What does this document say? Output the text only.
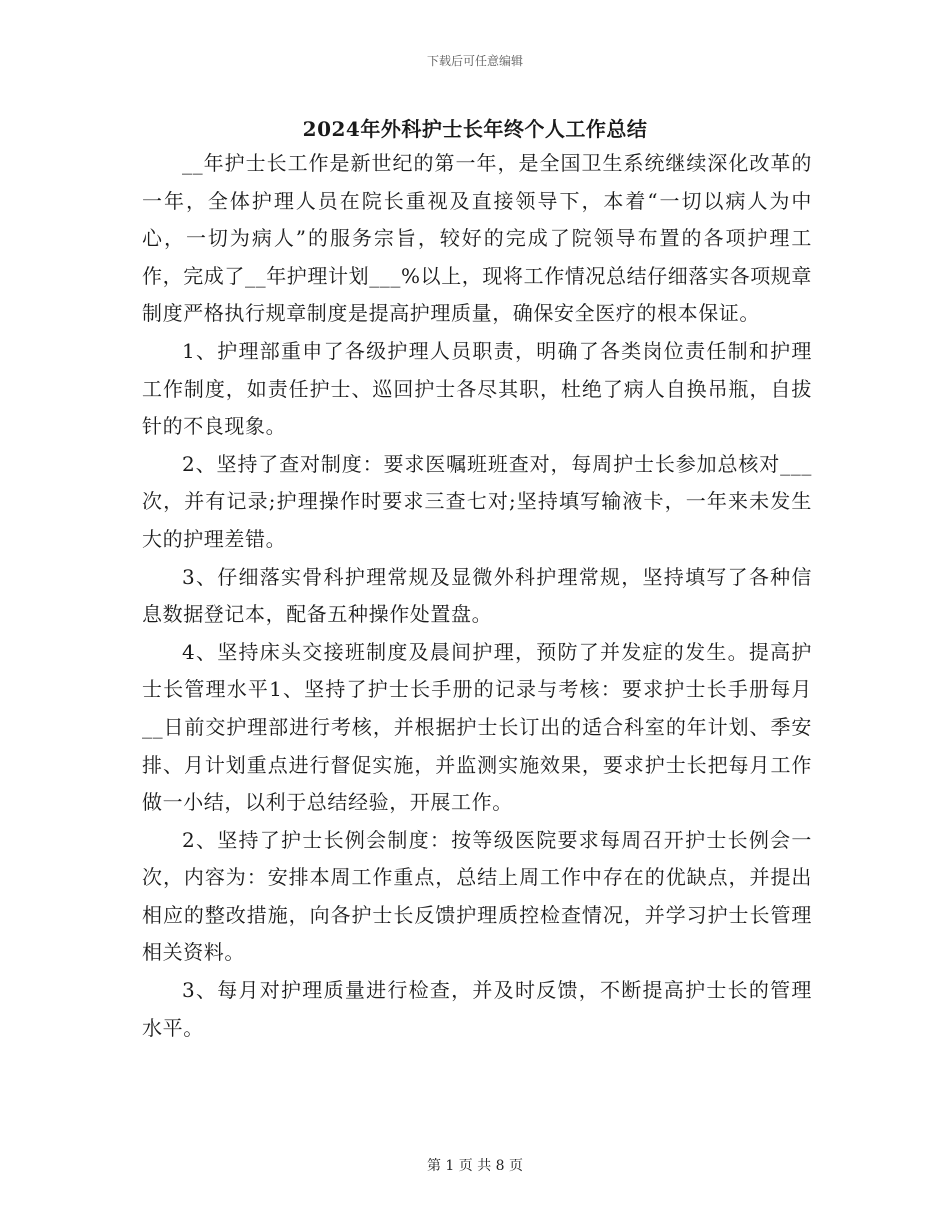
下载后可任意编辑
2024年外科护士长年终个人工作总结

__年护士长工作是新世纪的第一年，是全国卫生系统继续深化改革的一年，全体护理人员在院长重视及直接领导下，本着“一切以病人为中心，一切为病人”的服务宗旨，较好的完成了院领导布置的各项护理工作，完成了__年护理计划___%以上，现将工作情况总结仔细落实各项规章制度严格执行规章制度是提高护理质量，确保安全医疗的根本保证。

1、护理部重申了各级护理人员职责，明确了各类岗位责任制和护理工作制度，如责任护士、巡回护士各尽其职，杜绝了病人自换吊瓶，自拔针的不良现象。

2、坚持了查对制度：要求医嘱班班查对，每周护士长参加总核对___次，并有记录;护理操作时要求三查七对;坚持填写输液卡，一年来未发生大的护理差错。

3、仔细落实骨科护理常规及显微外科护理常规，坚持填写了各种信息数据登记本，配备五种操作处置盘。

4、坚持床头交接班制度及晨间护理，预防了并发症的发生。提高护士长管理水平1、坚持了护士长手册的记录与考核：要求护士长手册每月__日前交护理部进行考核，并根据护士长订出的适合科室的年计划、季安排、月计划重点进行督促实施，并监测实施效果，要求护士长把每月工作做一小结，以利于总结经验，开展工作。

2、坚持了护士长例会制度：按等级医院要求每周召开护士长例会一次，内容为：安排本周工作重点，总结上周工作中存在的优缺点，并提出相应的整改措施，向各护士长反馈护理质控检查情况，并学习护士长管理相关资料。

3、每月对护理质量进行检查，并及时反馈，不断提高护士长的管理水平。

第 1 页 共 8 页
